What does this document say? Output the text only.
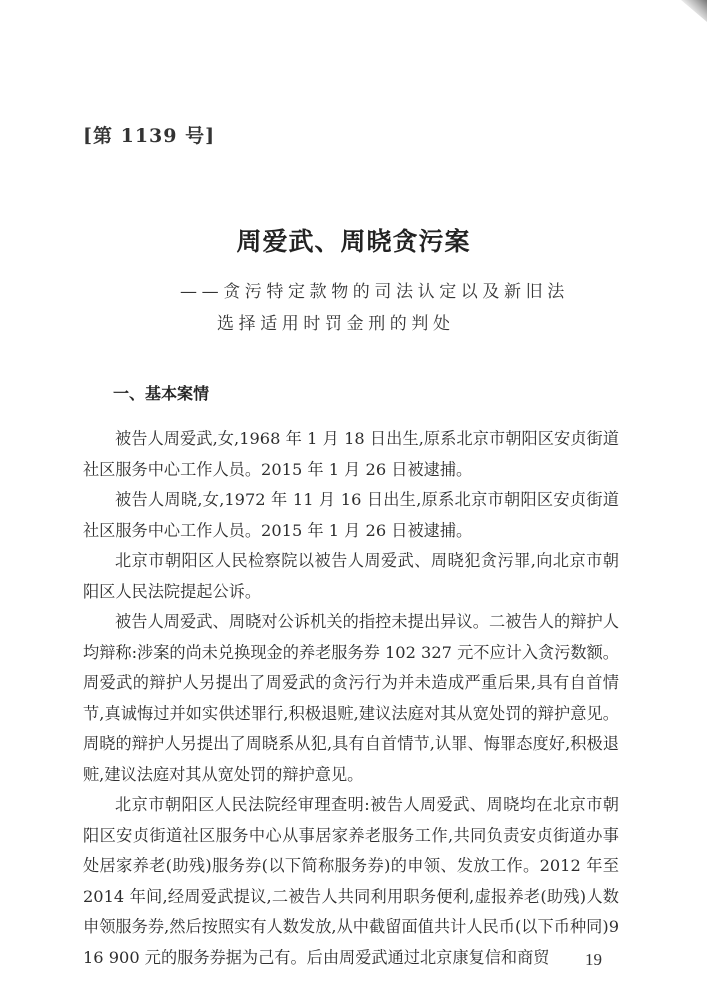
[第 1139 号]
周爱武、周晓贪污案
——贪污特定款物的司法认定以及新旧法
选择适用时罚金刑的判处
一、基本案情

被告人周爱武,女,1968 年 1 月 18 日出生,原系北京市朝阳区安贞街道社区服务中心工作人员。2015 年 1 月 26 日被逮捕。

被告人周晓,女,1972 年 11 月 16 日出生,原系北京市朝阳区安贞街道社区服务中心工作人员。2015 年 1 月 26 日被逮捕。

北京市朝阳区人民检察院以被告人周爱武、周晓犯贪污罪,向北京市朝阳区人民法院提起公诉。

被告人周爱武、周晓对公诉机关的指控未提出异议。二被告人的辩护人均辩称:涉案的尚未兑换现金的养老服务券 102 327 元不应计入贪污数额。周爱武的辩护人另提出了周爱武的贪污行为并未造成严重后果,具有自首情节,真诚悔过并如实供述罪行,积极退赃,建议法庭对其从宽处罚的辩护意见。周晓的辩护人另提出了周晓系从犯,具有自首情节,认罪、悔罪态度好,积极退赃,建议法庭对其从宽处罚的辩护意见。

北京市朝阳区人民法院经审理查明:被告人周爱武、周晓均在北京市朝阳区安贞街道社区服务中心从事居家养老服务工作,共同负责安贞街道办事处居家养老(助残)服务券(以下简称服务券)的申领、发放工作。2012 年至 2014 年间,经周爱武提议,二被告人共同利用职务便利,虚报养老(助残)人数申领服务券,然后按照实有人数发放,从中截留面值共计人民币(以下币种同)916 900 元的服务券据为己有。后由周爱武通过北京康复信和商贸	19
